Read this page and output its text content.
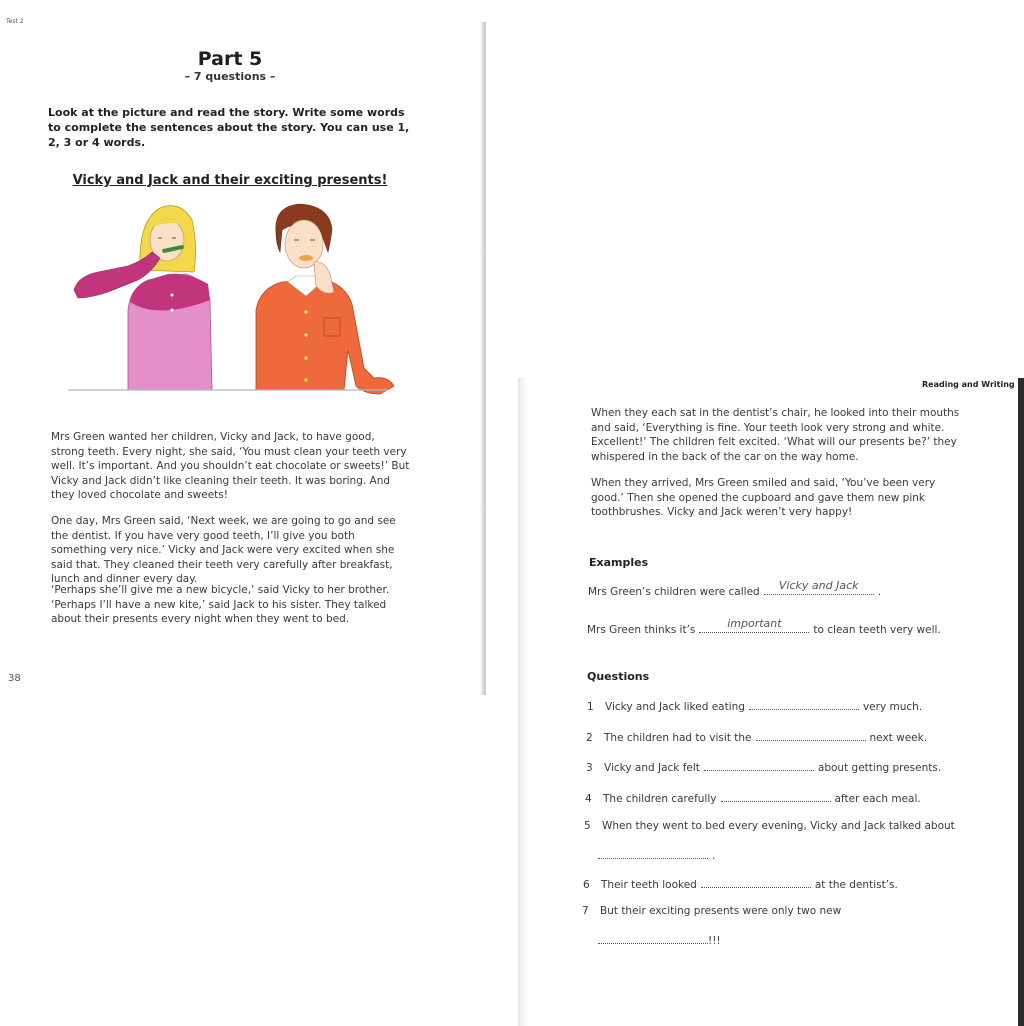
Test 2
Part 5
– 7 questions –
Look at the picture and read the story. Write some words to complete the sentences about the story. You can use 1, 2, 3 or 4 words.
Vicky and Jack and their exciting presents!
Mrs Green wanted her children, Vicky and Jack, to have good, strong teeth. Every night, she said, ‘You must clean your teeth very well. It’s important. And you shouldn’t eat chocolate or sweets!’ But Vicky and Jack didn’t like cleaning their teeth. It was boring. And they loved chocolate and sweets!
One day, Mrs Green said, ‘Next week, we are going to go and see the dentist. If you have very good teeth, I’ll give you both something very nice.’ Vicky and Jack were very excited when she said that. They cleaned their teeth very carefully after breakfast, lunch and dinner every day.
‘Perhaps she’ll give me a new bicycle,’ said Vicky to her brother. ‘Perhaps I’ll have a new kite,’ said Jack to his sister. They talked about their presents every night when they went to bed.
38
Reading and Writing
When they each sat in the dentist’s chair, he looked into their mouths and said, ‘Everything is fine. Your teeth look very strong and white. Excellent!’ The children felt excited. ‘What will our presents be?’ they whispered in the back of the car on the way home.
When they arrived, Mrs Green smiled and said, ‘You’ve been very good.’ Then she opened the cupboard and gave them new pink toothbrushes. Vicky and Jack weren’t very happy!
Examples
Mrs Green’s children were called	Vicky and Jack	.
Mrs Green thinks it’s	important	to clean teeth very well.
Questions
1 Vicky and Jack liked eating	very much.
2 The children had to visit the	next week.
3 Vicky and Jack felt	about getting presents.
4 The children carefully	after each meal.
5 When they went to bed every evening, Vicky and Jack talked about
.
6 Their teeth looked	at the dentist’s.
7 But their exciting presents were only two new
!!!
